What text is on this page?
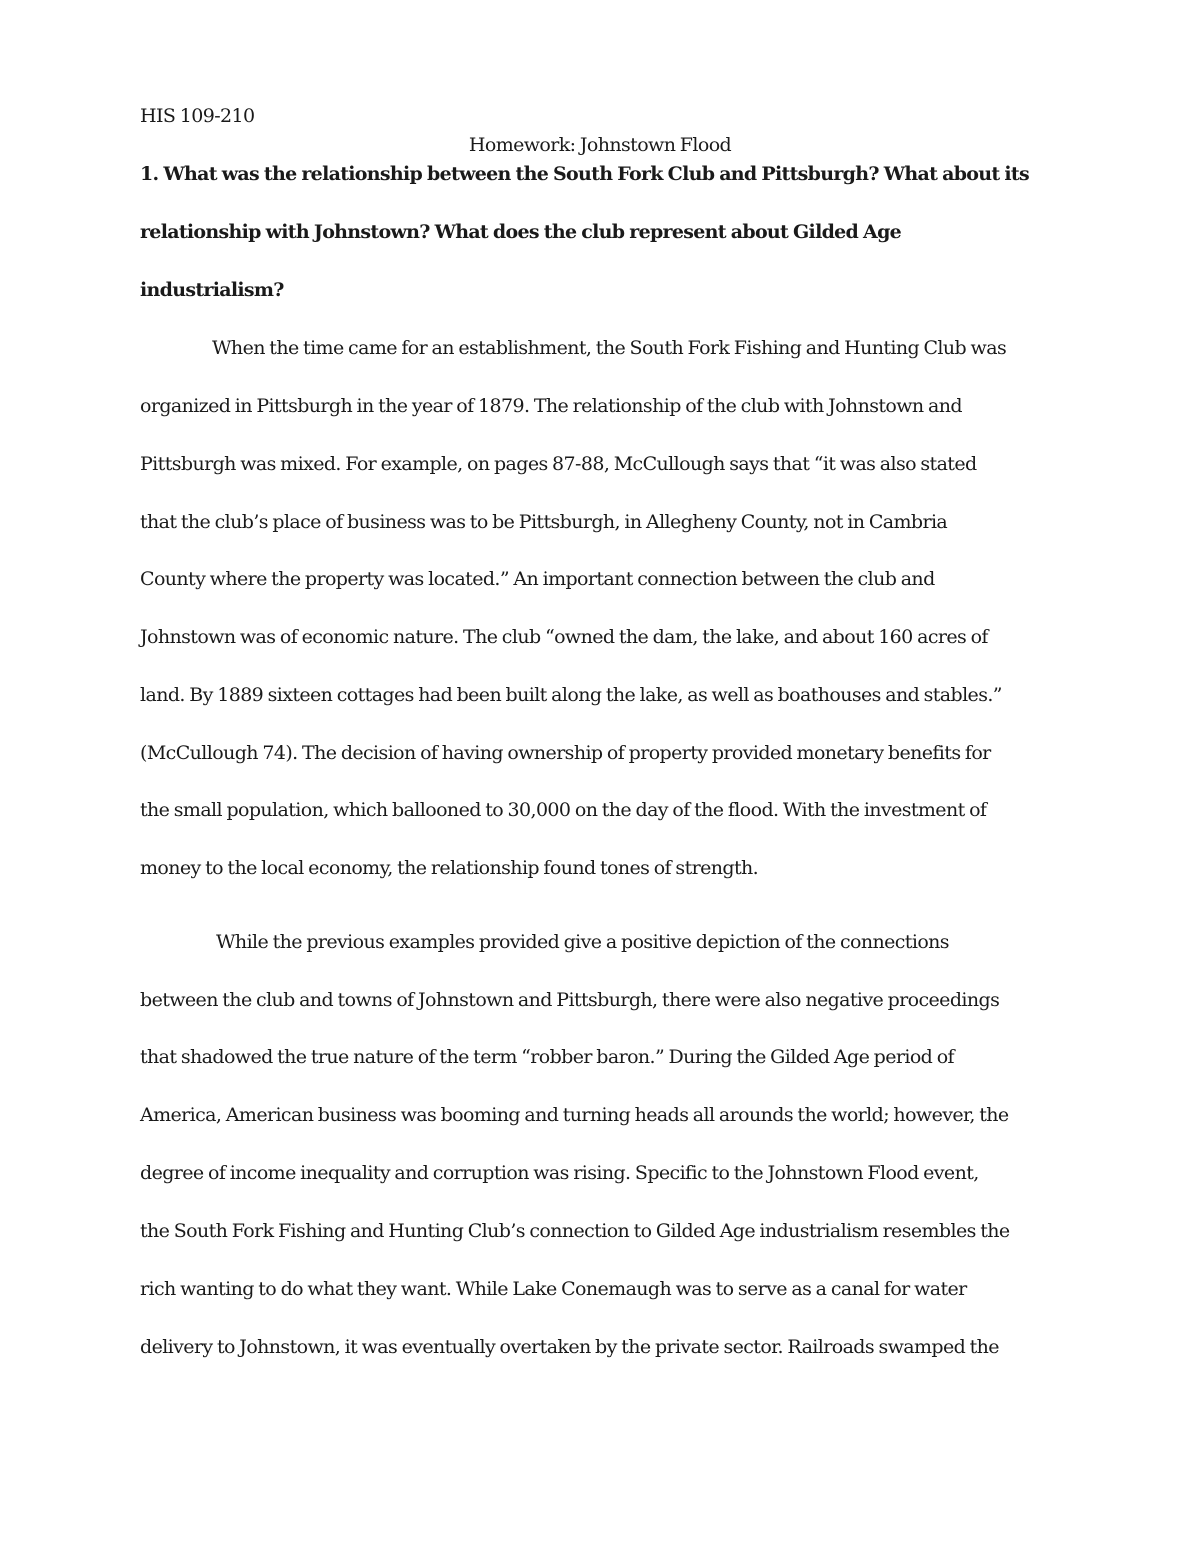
HIS 109-210
Homework: Johnstown Flood
1. What was the relationship between the South Fork Club and Pittsburgh? What about its
relationship with Johnstown? What does the club represent about Gilded Age
industrialism?
When the time came for an establishment, the South Fork Fishing and Hunting Club was
organized in Pittsburgh in the year of 1879. The relationship of the club with Johnstown and
Pittsburgh was mixed. For example, on pages 87-88, McCullough says that “it was also stated
that the club’s place of business was to be Pittsburgh, in Allegheny County, not in Cambria
County where the property was located.” An important connection between the club and
Johnstown was of economic nature. The club “owned the dam, the lake, and about 160 acres of
land. By 1889 sixteen cottages had been built along the lake, as well as boathouses and stables.”
(McCullough 74). The decision of having ownership of property provided monetary benefits for
the small population, which ballooned to 30,000 on the day of the flood. With the investment of
money to the local economy, the relationship found tones of strength.
While the previous examples provided give a positive depiction of the connections
between the club and towns of Johnstown and Pittsburgh, there were also negative proceedings
that shadowed the true nature of the term “robber baron.” During the Gilded Age period of
America, American business was booming and turning heads all arounds the world; however, the
degree of income inequality and corruption was rising. Specific to the Johnstown Flood event,
the South Fork Fishing and Hunting Club’s connection to Gilded Age industrialism resembles the
rich wanting to do what they want. While Lake Conemaugh was to serve as a canal for water
delivery to Johnstown, it was eventually overtaken by the private sector. Railroads swamped the
